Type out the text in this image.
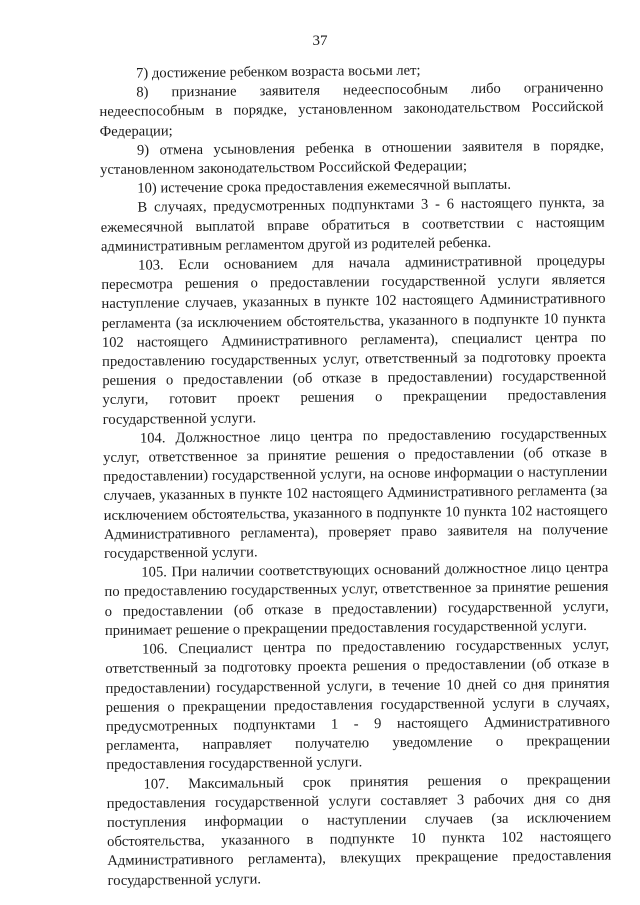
37

7) достижение ребенком возраста восьми лет;

8) признание заявителя недееспособным либо ограниченно недееспособным в порядке, установленном законодательством Российской Федерации;

9) отмена усыновления ребенка в отношении заявителя в порядке, установленном законодательством Российской Федерации;

10) истечение срока предоставления ежемесячной выплаты.

В случаях, предусмотренных подпунктами 3 - 6 настоящего пункта, за ежемесячной выплатой вправе обратиться в соответствии с настоящим административным регламентом другой из родителей ребенка.

103. Если основанием для начала административной процедуры пересмотра решения о предоставлении государственной услуги является наступление случаев, указанных в пункте 102 настоящего Административного регламента (за исключением обстоятельства, указанного в подпункте 10 пункта 102 настоящего Административного регламента), специалист центра по предоставлению государственных услуг, ответственный за подготовку проекта решения о предоставлении (об отказе в предоставлении) государственной услуги, готовит проект решения о прекращении предоставления государственной услуги.

104. Должностное лицо центра по предоставлению государственных услуг, ответственное за принятие решения о предоставлении (об отказе в предоставлении) государственной услуги, на основе информации о наступлении случаев, указанных в пункте 102 настоящего Административного регламента (за исключением обстоятельства, указанного в подпункте 10 пункта 102 настоящего Административного регламента), проверяет право заявителя на получение государственной услуги.

105. При наличии соответствующих оснований должностное лицо центра по предоставлению государственных услуг, ответственное за принятие решения о предоставлении (об отказе в предоставлении) государственной услуги, принимает решение о прекращении предоставления государственной услуги.

106. Специалист центра по предоставлению государственных услуг, ответственный за подготовку проекта решения о предоставлении (об отказе в предоставлении) государственной услуги, в течение 10 дней со дня принятия решения о прекращении предоставления государственной услуги в случаях, предусмотренных подпунктами 1 - 9 настоящего Административного регламента, направляет получателю уведомление о прекращении предоставления государственной услуги.

107. Максимальный срок принятия решения о прекращении предоставления государственной услуги составляет 3 рабочих дня со дня поступления информации о наступлении случаев (за исключением обстоятельства, указанного в подпункте 10 пункта 102 настоящего Административного регламента), влекущих прекращение предоставления государственной услуги.
